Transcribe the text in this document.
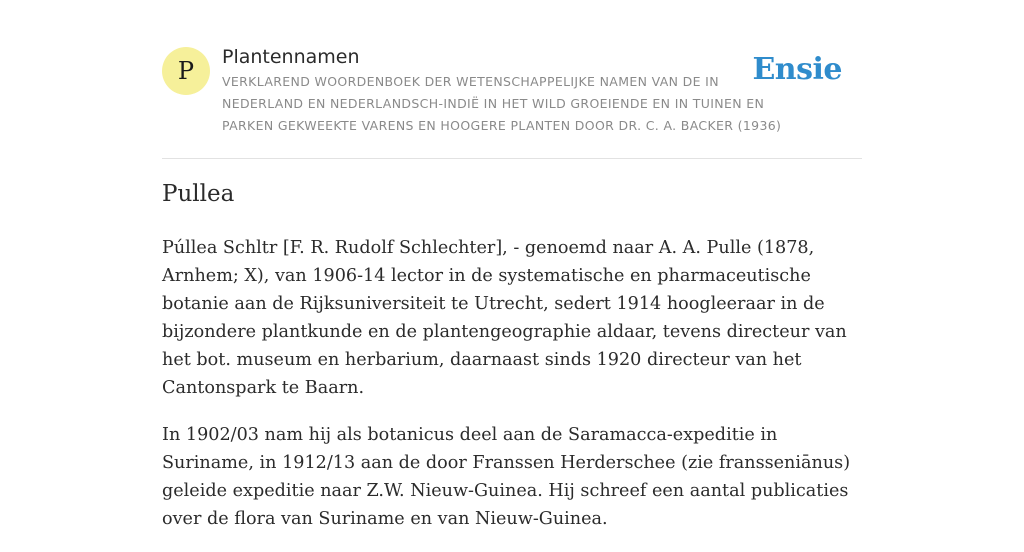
P Plantennamen
VERKLAREND WOORDENBOEK DER WETENSCHAPPELIJKE NAMEN VAN DE IN NEDERLAND EN NEDERLANDSCH-INDIË IN HET WILD GROEIENDE EN IN TUINEN EN PARKEN GEKWEEKTE VARENS EN HOOGERE PLANTEN DOOR DR. C. A. BACKER (1936)
Ensie
Pullea

Púllea Schltr [F. R. Rudolf Schlechter], - genoemd naar A. A. Pulle (1878, Arnhem; X), van 1906-14 lector in de systematische en pharmaceutische botanie aan de Rijksuniversiteit te Utrecht, sedert 1914 hoogleeraar in de bijzondere plantkunde en de plantengeographie aldaar, tevens directeur van het bot. museum en herbarium, daarnaast sinds 1920 directeur van het Cantonspark te Baarn.

In 1902/03 nam hij als botanicus deel aan de Saramacca-expeditie in Suriname, in 1912/13 aan de door Franssen Herderschee (zie fransseniānus) geleide expeditie naar Z.W. Nieuw-Guinea. Hij schreef een aantal publicaties over de flora van Suriname en van Nieuw-Guinea.
